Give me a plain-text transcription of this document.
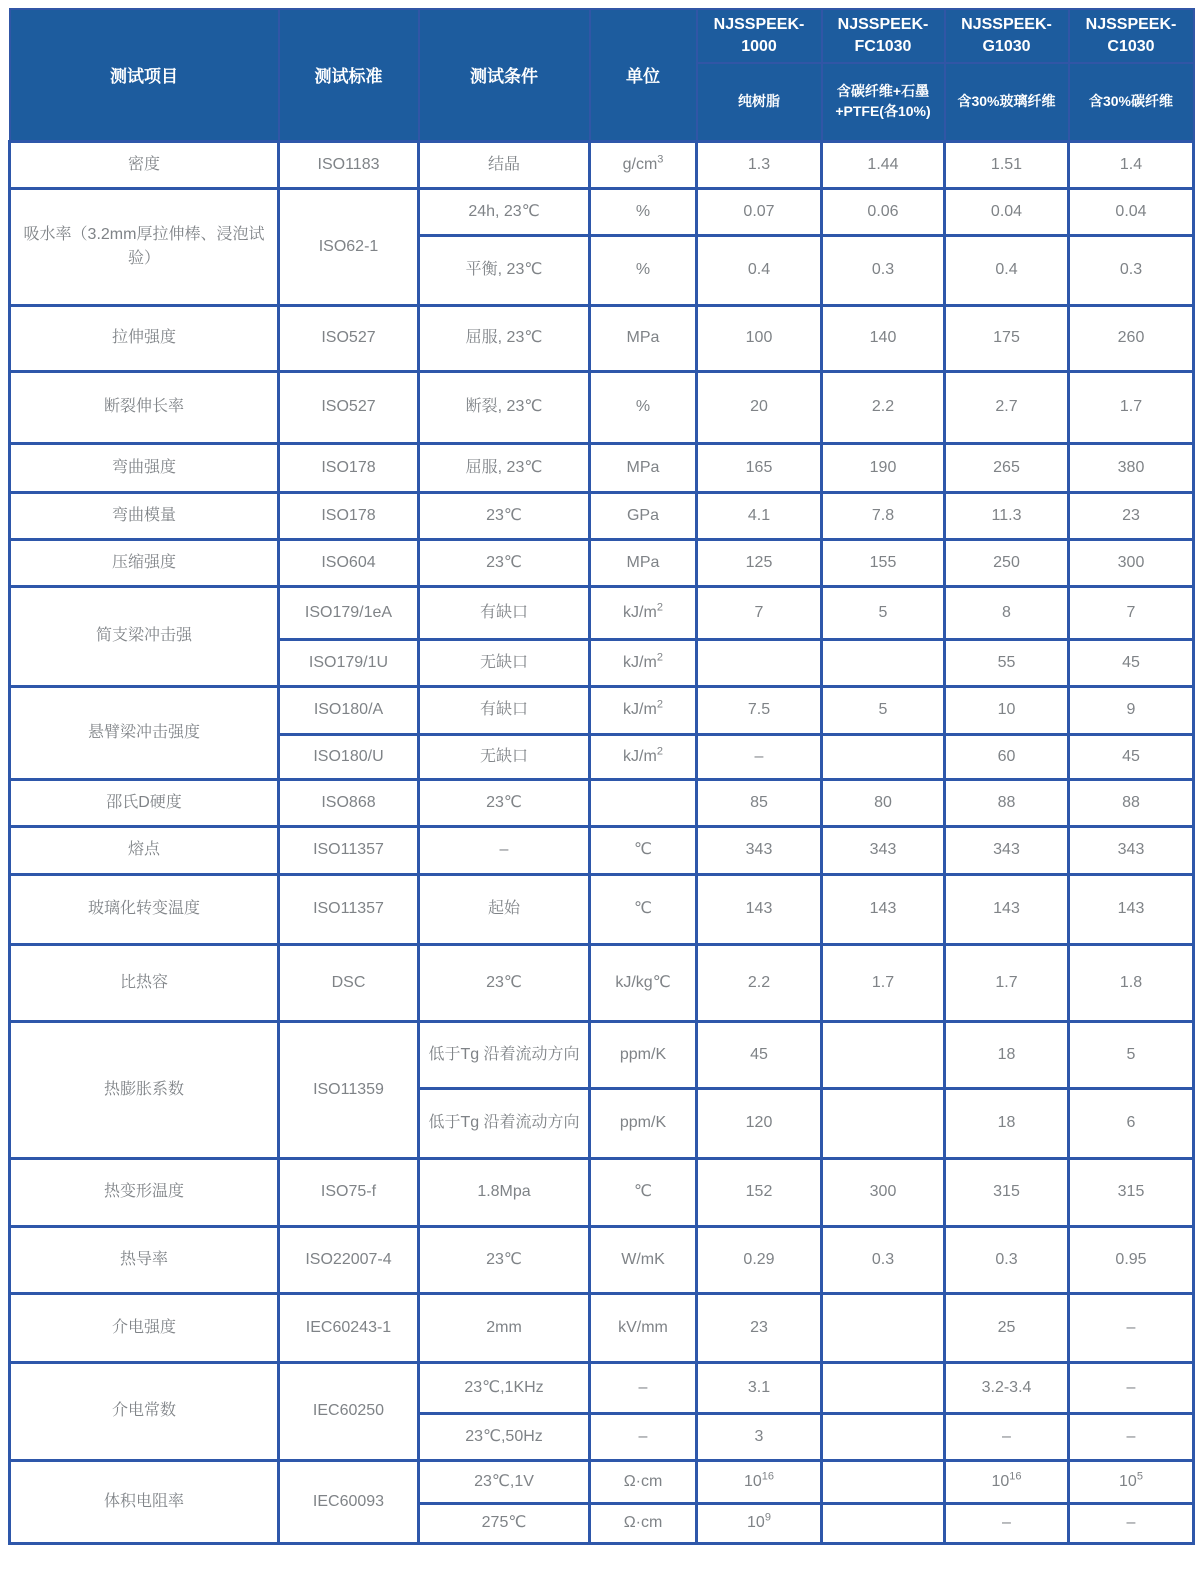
测试项目	测试标准	测试条件	单位	NJSSPEEK-1000	NJSSPEEK-FC1030	NJSSPEEK-G1030	NJSSPEEK-C1030
				纯树脂	含碳纤维+石墨+PTFE(各10%)	含30%玻璃纤维	含30%碳纤维
密度	ISO1183	结晶	$g/cm^3$	1.3	1.44	1.51	1.4
吸水率（3.2mm厚拉伸棒、浸泡试验）	ISO62-1	24h, 23℃	%	0.07	0.06	0.04	0.04
		平衡, 23℃	%	0.4	0.3	0.4	0.3
拉伸强度	ISO527	屈服, 23℃	MPa	100	140	175	260
断裂伸长率	ISO527	断裂, 23℃	%	20	2.2	2.7	1.7
弯曲强度	ISO178	屈服, 23℃	MPa	165	190	265	380
弯曲模量	ISO178	23℃	GPa	4.1	7.8	11.3	23
压缩强度	ISO604	23℃	MPa	125	155	250	300
简支梁冲击强	ISO179/1eA	有缺口	$kJ/m^2$	7	5	8	7
	ISO179/1U	无缺口	$kJ/m^2$			55	45
悬臂梁冲击强度	ISO180/A	有缺口	$kJ/m^2$	7.5	5	10	9
	ISO180/U	无缺口	$kJ/m^2$	–		60	45
邵氏D硬度	ISO868	23℃		85	80	88	88
熔点	ISO11357	–	℃	343	343	343	343
玻璃化转变温度	ISO11357	起始	℃	143	143	143	143
比热容	DSC	23℃	kJ/kg℃	2.2	1.7	1.7	1.8
热膨胀系数	ISO11359	低于Tg 沿着流动方向	ppm/K	45		18	5
		低于Tg 沿着流动方向	ppm/K	120		18	6
热变形温度	ISO75-f	1.8Mpa	℃	152	300	315	315
热导率	ISO22007-4	23℃	W/mK	0.29	0.3	0.3	0.95
介电强度	IEC60243-1	2mm	kV/mm	23		25	–
介电常数	IEC60250	23℃,1KHz	–	3.1		3.2-3.4	–
		23℃,50Hz	–	3		–	–
体积电阻率	IEC60093	23℃,1V	Ω·cm	$10^{16}$		$10^{16}$	$10^5$
		275℃	Ω·cm	$10^9$		–	–
